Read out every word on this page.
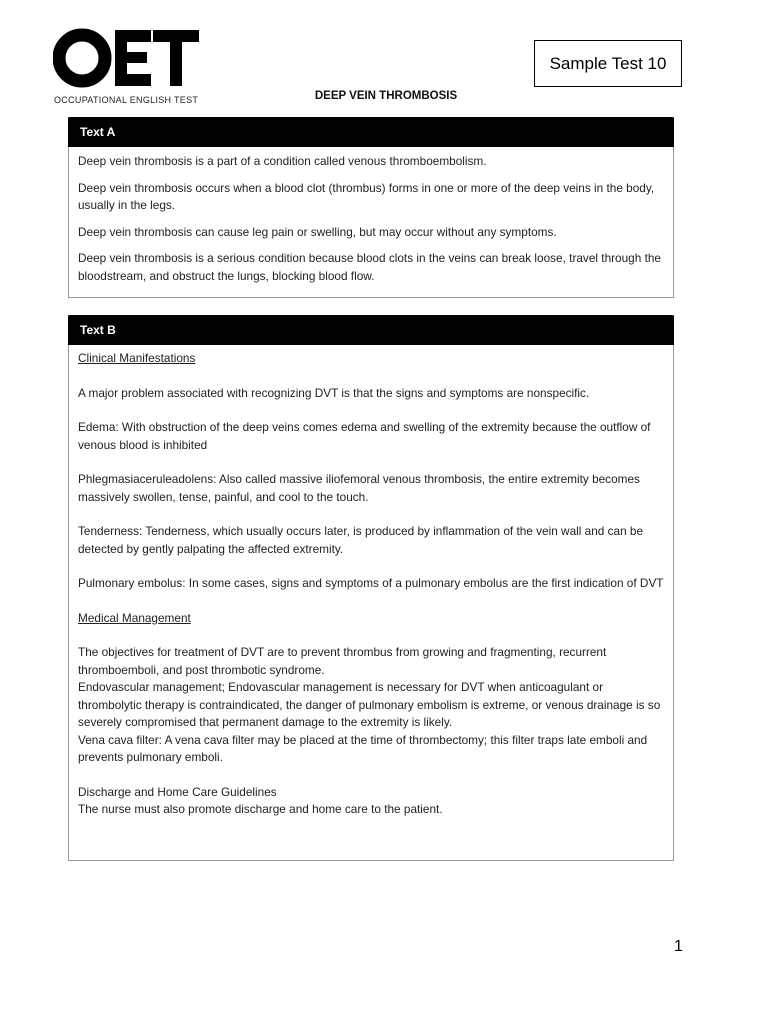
OCCUPATIONAL ENGLISH TEST
Sample Test 10
DEEP VEIN THROMBOSIS
Text A

Deep vein thrombosis is a part of a condition called venous thromboembolism.

Deep vein thrombosis occurs when a blood clot (thrombus) forms in one or more of the deep veins in the body, usually in the legs.

Deep vein thrombosis can cause leg pain or swelling, but may occur without any symptoms.

Deep vein thrombosis is a serious condition because blood clots in the veins can break loose, travel through the bloodstream, and obstruct the lungs, blocking blood flow.

Text B

Clinical Manifestations

A major problem associated with recognizing DVT is that the signs and symptoms are nonspecific.

Edema: With obstruction of the deep veins comes edema and swelling of the extremity because the outflow of venous blood is inhibited

Phlegmasiaceruleadolens: Also called massive iliofemoral venous thrombosis, the entire extremity becomes massively swollen, tense, painful, and cool to the touch.

Tenderness: Tenderness, which usually occurs later, is produced by inflammation of the vein wall and can be detected by gently palpating the affected extremity.

Pulmonary embolus: In some cases, signs and symptoms of a pulmonary embolus are the first indication of DVT

Medical Management

The objectives for treatment of DVT are to prevent thrombus from growing and fragmenting, recurrent thromboemboli, and post thrombotic syndrome.

Endovascular management; Endovascular management is necessary for DVT when anticoagulant or thrombolytic therapy is contraindicated, the danger of pulmonary embolism is extreme, or venous drainage is so severely compromised that permanent damage to the extremity is likely.

Vena cava filter: A vena cava filter may be placed at the time of thrombectomy; this filter traps late emboli and prevents pulmonary emboli.

Discharge and Home Care Guidelines

The nurse must also promote discharge and home care to the patient.

1
